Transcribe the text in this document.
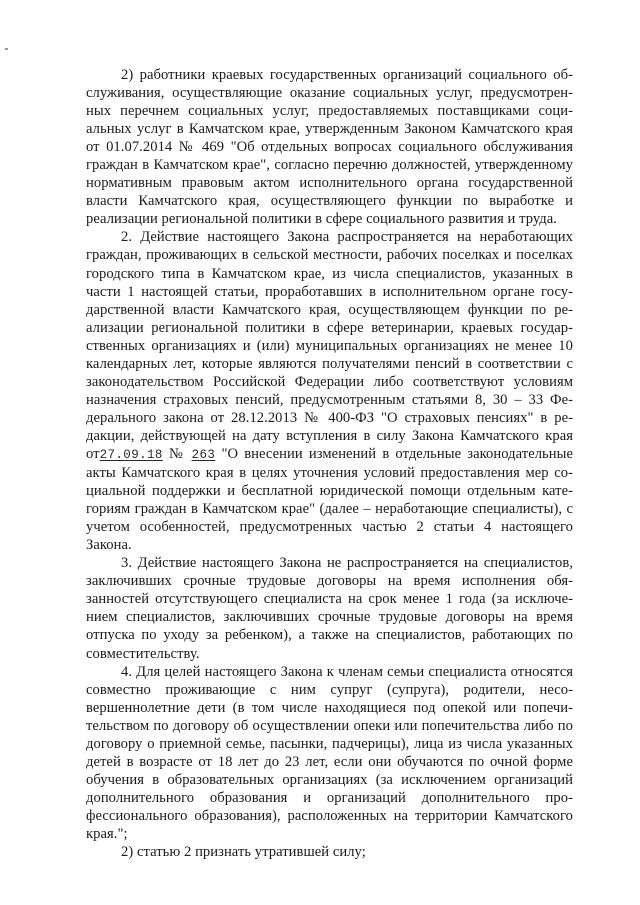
2) работники краевых государственных организаций социального обслуживания, осуществляющие оказание социальных услуг, предусмотренных перечнем социальных услуг, предоставляемых поставщиками социальных услуг в Камчатском крае, утвержденным Законом Камчатского края от 01.07.2014 № 469 "Об отдельных вопросах социального обслуживания граждан в Камчатском крае", согласно перечню должностей, утвержденному нормативным правовым актом исполнительного органа государственной власти Камчатского края, осуществляющего функции по выработке и реализации региональной политики в сфере социального развития и труда.

2. Действие настоящего Закона распространяется на неработающих граждан, проживающих в сельской местности, рабочих поселках и поселках городского типа в Камчатском крае, из числа специалистов, указанных в части 1 настоящей статьи, проработавших в исполнительном органе государственной власти Камчатского края, осуществляющем функции по реализации региональной политики в сфере ветеринарии, краевых государственных организациях и (или) муниципальных организациях не менее 10 календарных лет, которые являются получателями пенсий в соответствии с законодательством Российской Федерации либо соответствуют условиям назначения страховых пенсий, предусмотренным статьями 8, 30 – 33 Федерального закона от 28.12.2013 № 400-ФЗ "О страховых пенсиях" в редакции, действующей на дату вступления в силу Закона Камчатского края от27.09.18 № 263 "О внесении изменений в отдельные законодательные акты Камчатского края в целях уточнения условий предоставления мер социальной поддержки и бесплатной юридической помощи отдельным категориям граждан в Камчатском крае" (далее – неработающие специалисты), с учетом особенностей, предусмотренных частью 2 статьи 4 настоящего Закона.

3. Действие настоящего Закона не распространяется на специалистов, заключивших срочные трудовые договоры на время исполнения обязанностей отсутствующего специалиста на срок менее 1 года (за исключением специалистов, заключивших срочные трудовые договоры на время отпуска по уходу за ребенком), а также на специалистов, работающих по совместительству.

4. Для целей настоящего Закона к членам семьи специалиста относятся совместно проживающие с ним супруг (супруга), родители, несовершеннолетние дети (в том числе находящиеся под опекой или попечительством по договору об осуществлении опеки или попечительства либо по договору о приемной семье, пасынки, падчерицы), лица из числа указанных детей в возрасте от 18 лет до 23 лет, если они обучаются по очной форме обучения в образовательных организациях (за исключением организаций дополнительного образования и организаций дополнительного профессионального образования), расположенных на территории Камчатского края.";

2) статью 2 признать утратившей силу;
